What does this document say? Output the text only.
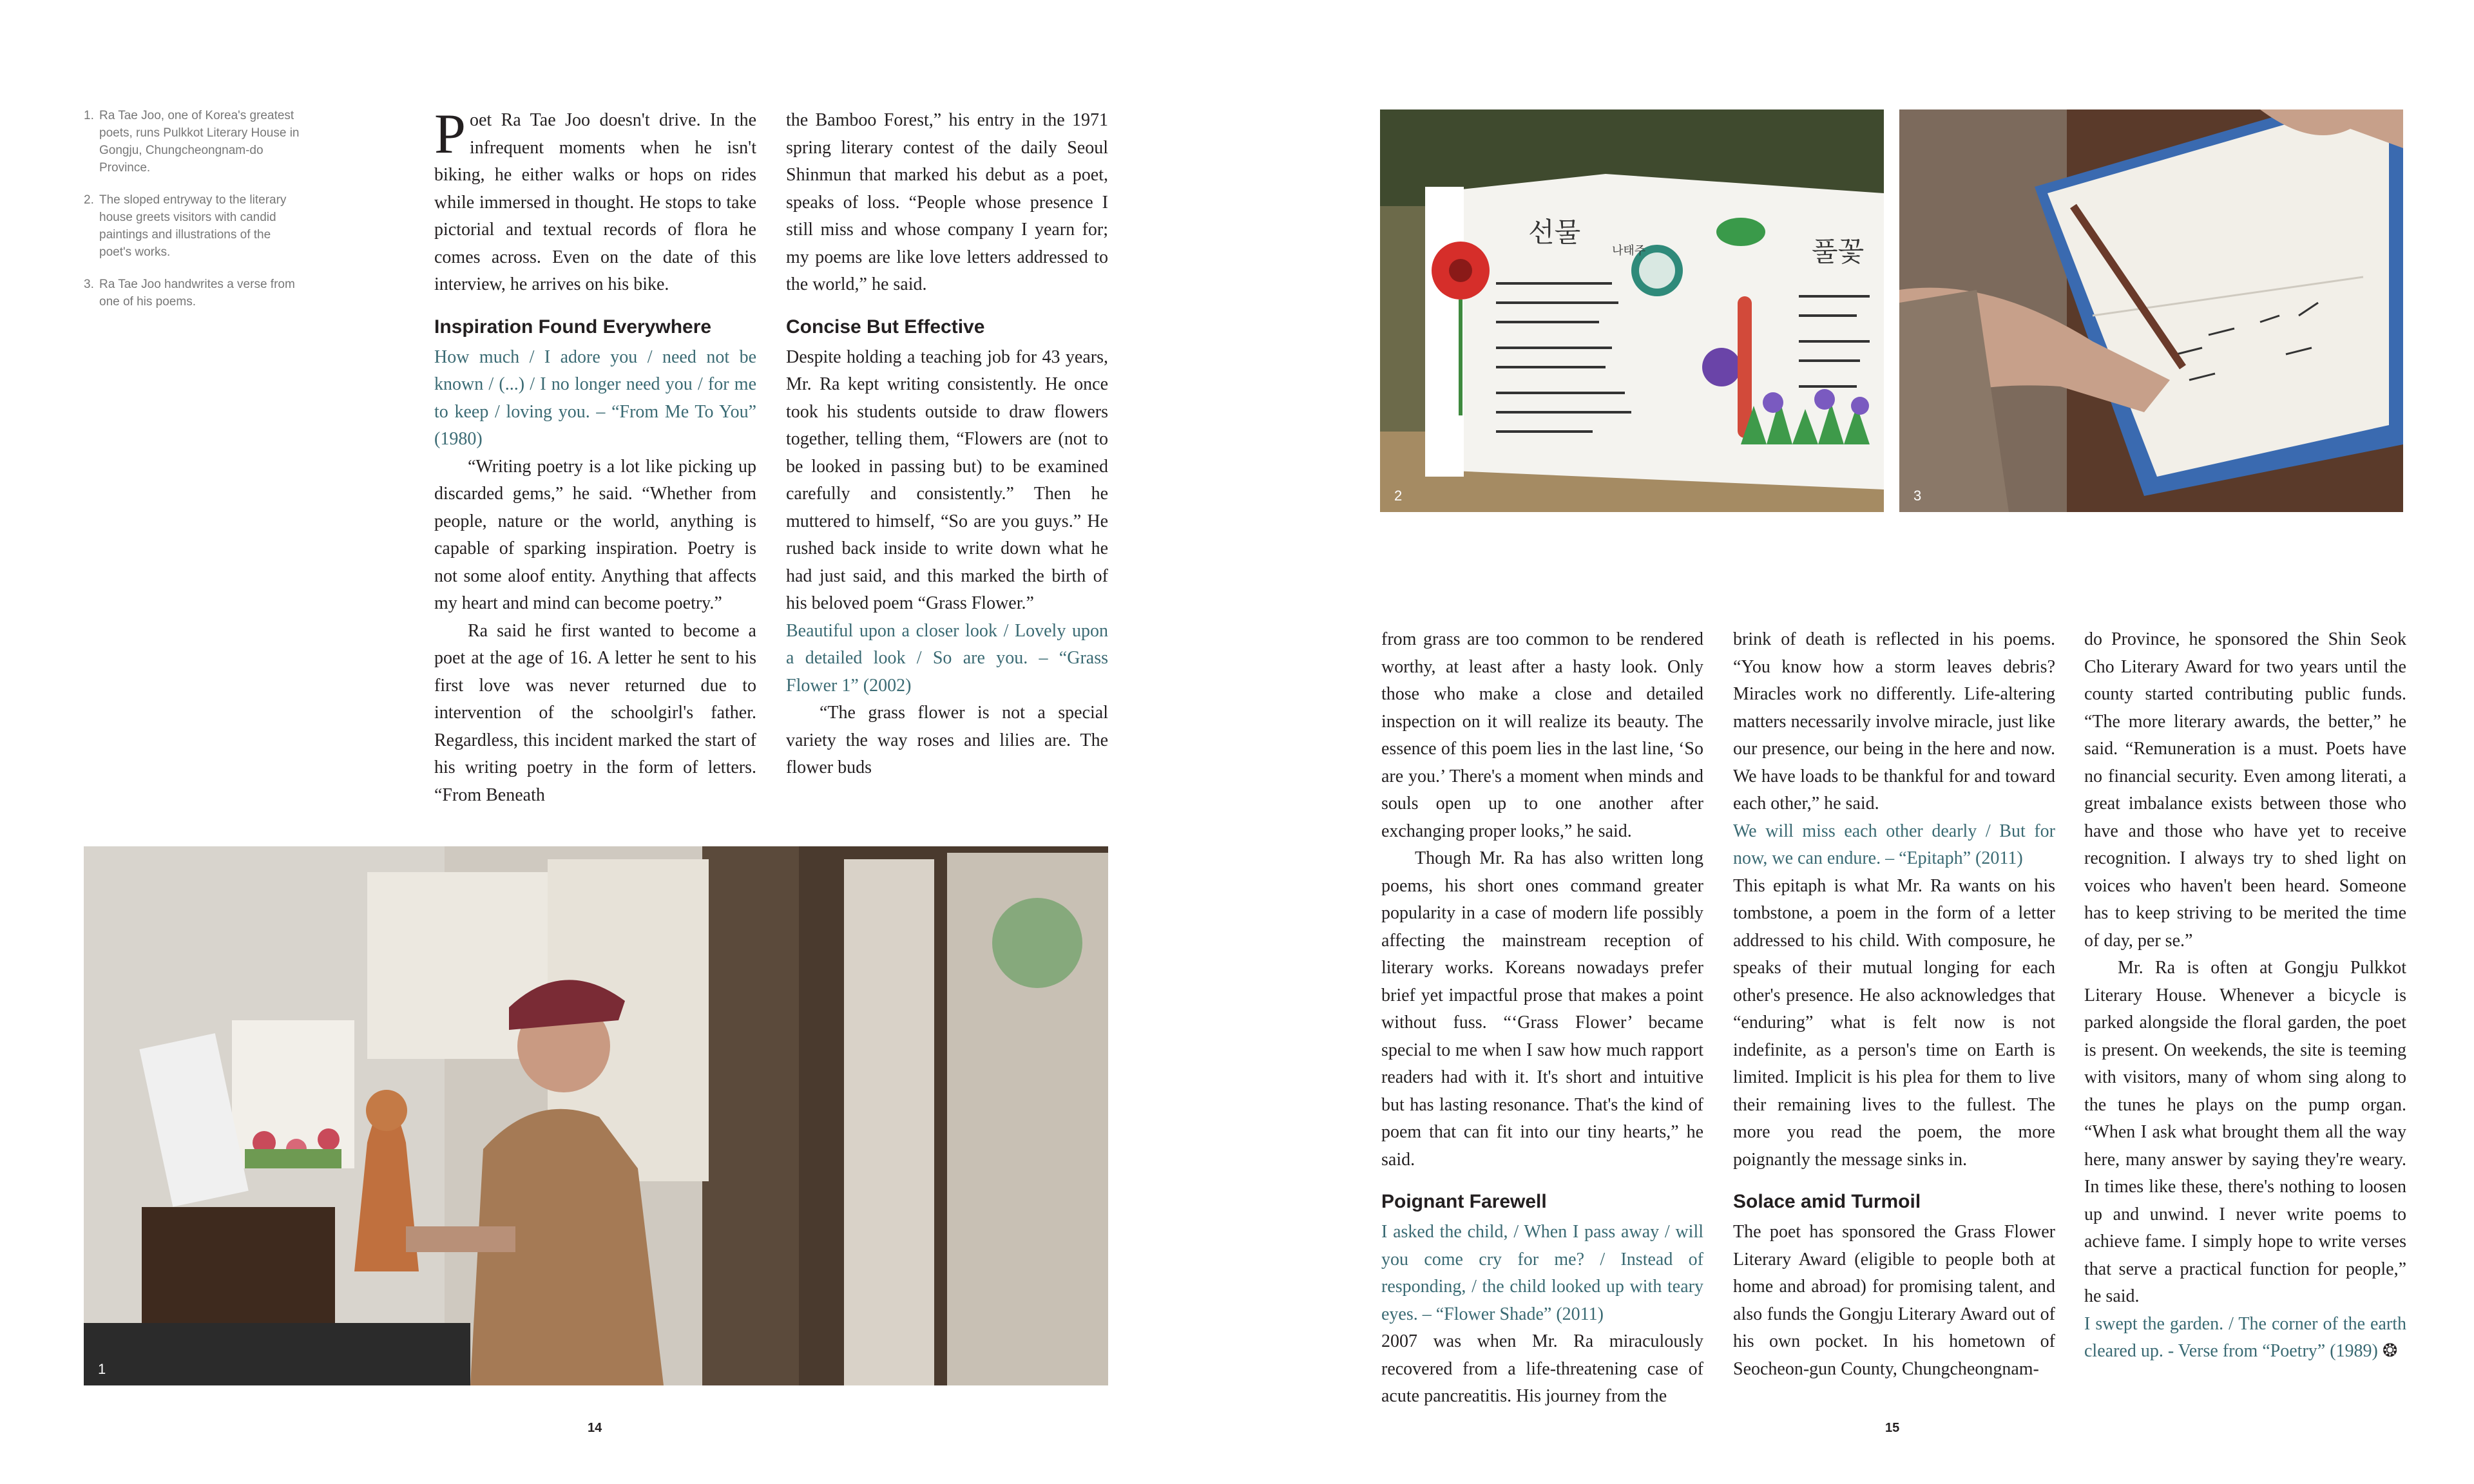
1. Ra Tae Joo, one of Korea's greatest poets, runs Pulkkot Literary House in Gongju, Chungcheongnam-do Province.
2. The sloped entryway to the literary house greets visitors with candid paintings and illustrations of the poet's works.
3. Ra Tae Joo handwrites a verse from one of his poems.

Poet Ra Tae Joo doesn't drive. In the infrequent moments when he isn't biking, he either walks or hops on rides while immersed in thought. He stops to take pictorial and textual records of flora he comes across. Even on the date of this interview, he arrives on his bike.

Inspiration Found Everywhere

How much / I adore you / need not be known / (...) / I no longer need you / for me to keep / loving you. – “From Me To You” (1980)

“Writing poetry is a lot like picking up discarded gems,” he said. “Whether from people, nature or the world, anything is capable of sparking inspiration. Poetry is not some aloof entity. Anything that affects my heart and mind can become poetry.”

Ra said he first wanted to become a poet at the age of 16. A letter he sent to his first love was never returned due to intervention of the schoolgirl's father. Regardless, this incident marked the start of his writing poetry in the form of letters. “From Beneath

the Bamboo Forest,” his entry in the 1971 spring literary contest of the daily Seoul Shinmun that marked his debut as a poet, speaks of loss. “People whose presence I still miss and whose company I yearn for; my poems are like love letters addressed to the world,” he said.

Concise But Effective

Despite holding a teaching job for 43 years, Mr. Ra kept writing consistently. He once took his students outside to draw flowers together, telling them, “Flowers are (not to be looked in passing but) to be examined carefully and consistently.” Then he muttered to himself, “So are you guys.” He rushed back inside to write down what he had just said, and this marked the birth of his beloved poem “Grass Flower.”

Beautiful upon a closer look / Lovely upon a detailed look / So are you. – “Grass Flower 1” (2002)

“The grass flower is not a special variety the way roses and lilies are. The flower buds

1
선물
나태주	풀꽃
2	3

from grass are too common to be rendered worthy, at least after a hasty look. Only those who make a close and detailed inspection on it will realize its beauty. The essence of this poem lies in the last line, ‘So are you.’ There's a moment when minds and souls open up to one another after exchanging proper looks,” he said.

Though Mr. Ra has also written long poems, his short ones command greater popularity in a case of modern life possibly affecting the mainstream reception of literary works. Koreans nowadays prefer brief yet impactful prose that makes a point without fuss. “‘Grass Flower’ became special to me when I saw how much rapport readers had with it. It's short and intuitive but has lasting resonance. That's the kind of poem that can fit into our tiny hearts,” he said.

Poignant Farewell

I asked the child, / When I pass away / will you come cry for me? / Instead of responding, / the child looked up with teary eyes. – “Flower Shade” (2011)

2007 was when Mr. Ra miraculously recovered from a life-threatening case of acute pancreatitis. His journey from the

brink of death is reflected in his poems. “You know how a storm leaves debris? Miracles work no differently. Life-altering matters necessarily involve miracle, just like our presence, our being in the here and now. We have loads to be thankful for and toward each other,” he said.

We will miss each other dearly / But for now, we can endure. – “Epitaph” (2011)

This epitaph is what Mr. Ra wants on his tombstone, a poem in the form of a letter addressed to his child. With composure, he speaks of their mutual longing for each other's presence. He also acknowledges that “enduring” what is felt now is not indefinite, as a person's time on Earth is limited. Implicit is his plea for them to live their remaining lives to the fullest. The more you read the poem, the more poignantly the message sinks in.

Solace amid Turmoil

The poet has sponsored the Grass Flower Literary Award (eligible to people both at home and abroad) for promising talent, and also funds the Gongju Literary Award out of his own pocket. In his hometown of Seocheon-gun County, Chungcheongnam-

do Province, he sponsored the Shin Seok Cho Literary Award for two years until the county started contributing public funds. “The more literary awards, the better,” he said. “Remuneration is a must. Poets have no financial security. Even among literati, a great imbalance exists between those who have and those who have yet to receive recognition. I always try to shed light on voices who haven't been heard. Someone has to keep striving to be merited the time of day, per se.”

Mr. Ra is often at Gongju Pulkkot Literary House. Whenever a bicycle is parked alongside the floral garden, the poet is present. On weekends, the site is teeming with visitors, many of whom sing along to the tunes he plays on the pump organ. “When I ask what brought them all the way here, many answer by saying they're weary. In times like these, there's nothing to loosen up and unwind. I never write poems to achieve fame. I simply hope to write verses that serve a practical function for people,” he said.

I swept the garden. / The corner of the earth cleared up. - Verse from “Poetry” (1989) ❂

14	15
